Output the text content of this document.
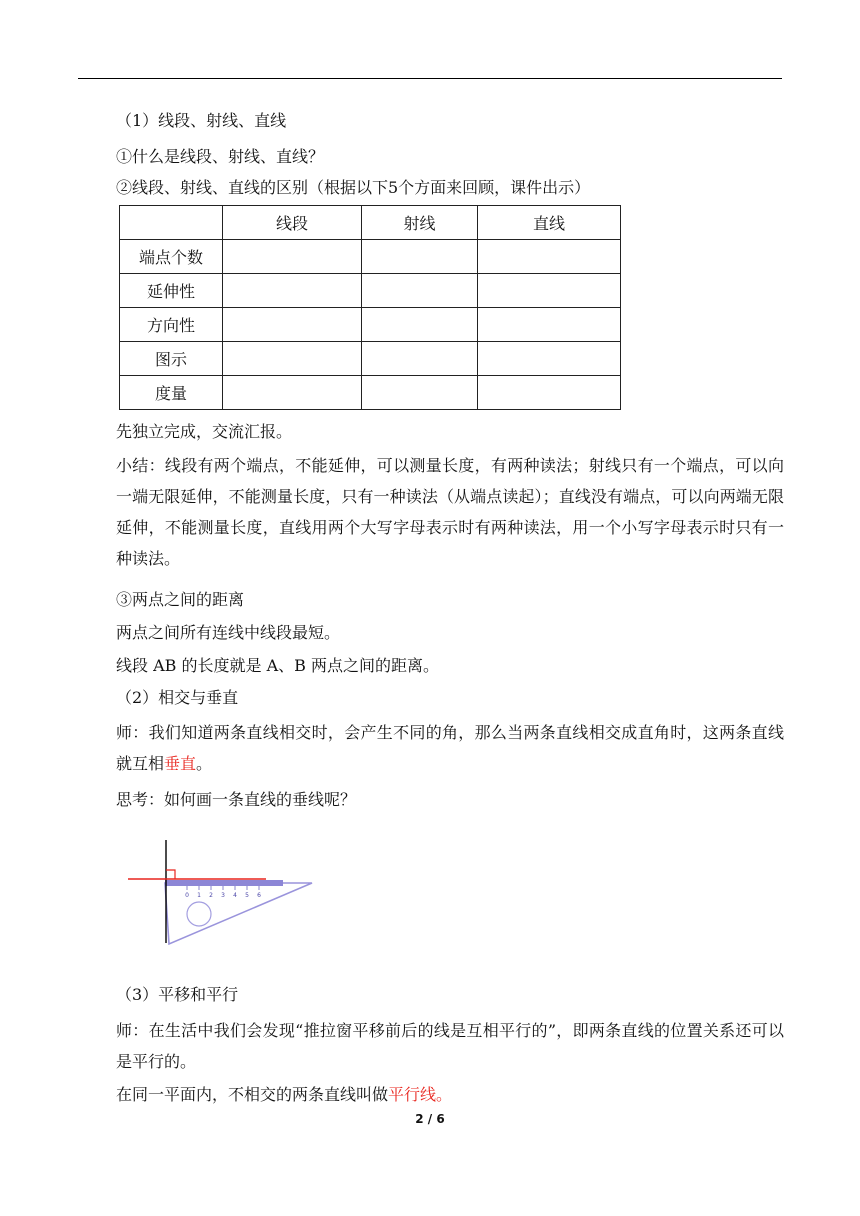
（1）线段、射线、直线
①什么是线段、射线、直线？
②线段、射线、直线的区别（根据以下5个方面来回顾，课件出示）
	线段	射线	直线
端点个数			
延伸性			
方向性			
图示			
度量			
先独立完成，交流汇报。
小结：线段有两个端点，不能延伸，可以测量长度，有两种读法；射线只有一个端点，可以向一端无限延伸，不能测量长度，只有一种读法（从端点读起）；直线没有端点，可以向两端无限延伸，不能测量长度，直线用两个大写字母表示时有两种读法，用一个小写字母表示时只有一种读法。
③两点之间的距离
两点之间所有连线中线段最短。
线段 AB 的长度就是 A、B 两点之间的距离。
（2）相交与垂直
师：我们知道两条直线相交时，会产生不同的角，那么当两条直线相交成直角时，这两条直线就互相垂直。
思考：如何画一条直线的垂线呢？
0 1 2 3 4 5 6
（3）平移和平行
师：在生活中我们会发现“推拉窗平移前后的线是互相平行的”，即两条直线的位置关系还可以是平行的。
在同一平面内，不相交的两条直线叫做平行线。
2 / 6
